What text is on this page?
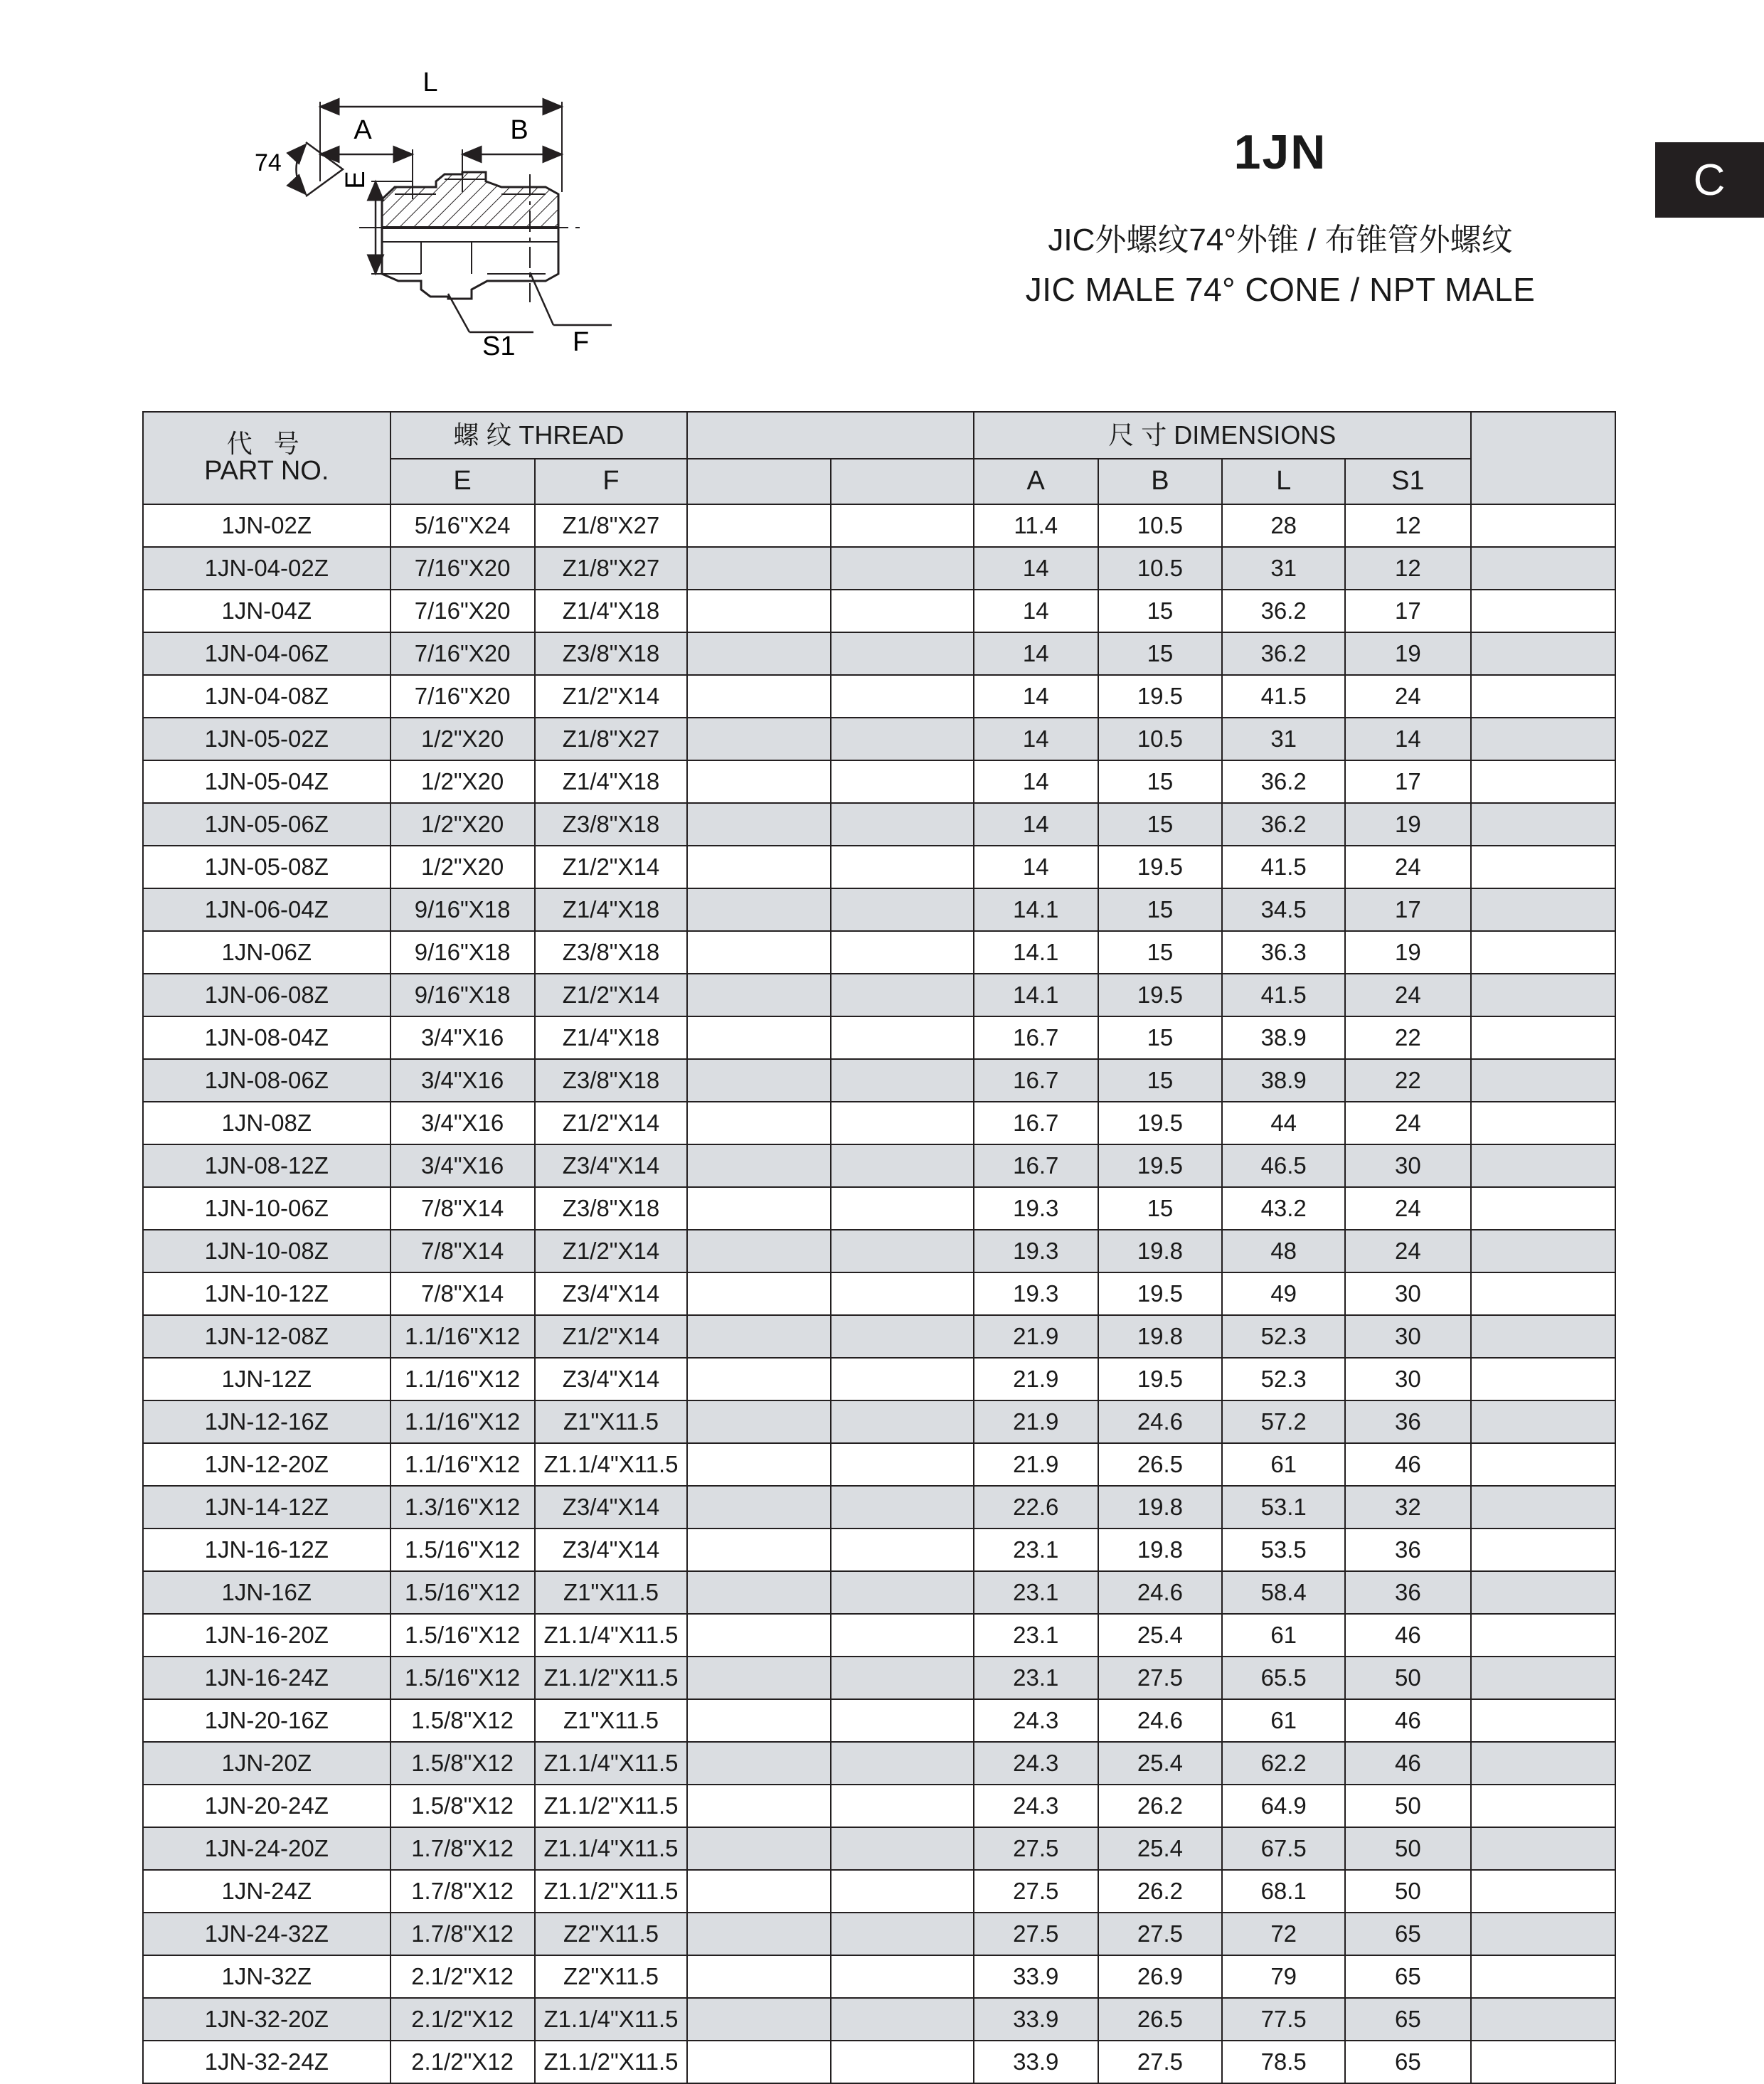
C
1JN
JIC外螺纹74°外锥 / 布锥管外螺纹
JIC MALE 74° CONE / NPT MALE
L
A	B
74 °
E
S1 F
代 号
PART NO.	螺 纹 THREAD				尺 寸 DIMENSIONS				
	E	F			A	B	L	S1	
1JN-02Z	5/16"X24	Z1/8"X27			11.4	10.5	28	12	
1JN-04-02Z	7/16"X20	Z1/8"X27			14	10.5	31	12	
1JN-04Z	7/16"X20	Z1/4"X18			14	15	36.2	17	
1JN-04-06Z	7/16"X20	Z3/8"X18			14	15	36.2	19	
1JN-04-08Z	7/16"X20	Z1/2"X14			14	19.5	41.5	24	
1JN-05-02Z	1/2"X20	Z1/8"X27			14	10.5	31	14	
1JN-05-04Z	1/2"X20	Z1/4"X18			14	15	36.2	17	
1JN-05-06Z	1/2"X20	Z3/8"X18			14	15	36.2	19	
1JN-05-08Z	1/2"X20	Z1/2"X14			14	19.5	41.5	24	
1JN-06-04Z	9/16"X18	Z1/4"X18			14.1	15	34.5	17	
1JN-06Z	9/16"X18	Z3/8"X18			14.1	15	36.3	19	
1JN-06-08Z	9/16"X18	Z1/2"X14			14.1	19.5	41.5	24	
1JN-08-04Z	3/4"X16	Z1/4"X18			16.7	15	38.9	22	
1JN-08-06Z	3/4"X16	Z3/8"X18			16.7	15	38.9	22	
1JN-08Z	3/4"X16	Z1/2"X14			16.7	19.5	44	24	
1JN-08-12Z	3/4"X16	Z3/4"X14			16.7	19.5	46.5	30	
1JN-10-06Z	7/8"X14	Z3/8"X18			19.3	15	43.2	24	
1JN-10-08Z	7/8"X14	Z1/2"X14			19.3	19.8	48	24	
1JN-10-12Z	7/8"X14	Z3/4"X14			19.3	19.5	49	30	
1JN-12-08Z	1.1/16"X12	Z1/2"X14			21.9	19.8	52.3	30	
1JN-12Z	1.1/16"X12	Z3/4"X14			21.9	19.5	52.3	30	
1JN-12-16Z	1.1/16"X12	Z1"X11.5			21.9	24.6	57.2	36	
1JN-12-20Z	1.1/16"X12	Z1.1/4"X11.5			21.9	26.5	61	46	
1JN-14-12Z	1.3/16"X12	Z3/4"X14			22.6	19.8	53.1	32	
1JN-16-12Z	1.5/16"X12	Z3/4"X14			23.1	19.8	53.5	36	
1JN-16Z	1.5/16"X12	Z1"X11.5			23.1	24.6	58.4	36	
1JN-16-20Z	1.5/16"X12	Z1.1/4"X11.5			23.1	25.4	61	46	
1JN-16-24Z	1.5/16"X12	Z1.1/2"X11.5			23.1	27.5	65.5	50	
1JN-20-16Z	1.5/8"X12	Z1"X11.5			24.3	24.6	61	46	
1JN-20Z	1.5/8"X12	Z1.1/4"X11.5			24.3	25.4	62.2	46	
1JN-20-24Z	1.5/8"X12	Z1.1/2"X11.5			24.3	26.2	64.9	50	
1JN-24-20Z	1.7/8"X12	Z1.1/4"X11.5			27.5	25.4	67.5	50	
1JN-24Z	1.7/8"X12	Z1.1/2"X11.5			27.5	26.2	68.1	50	
1JN-24-32Z	1.7/8"X12	Z2"X11.5			27.5	27.5	72	65	
1JN-32Z	2.1/2"X12	Z2"X11.5			33.9	26.9	79	65	
1JN-32-20Z	2.1/2"X12	Z1.1/4"X11.5			33.9	26.5	77.5	65	
1JN-32-24Z	2.1/2"X12	Z1.1/2"X11.5			33.9	27.5	78.5	65	
